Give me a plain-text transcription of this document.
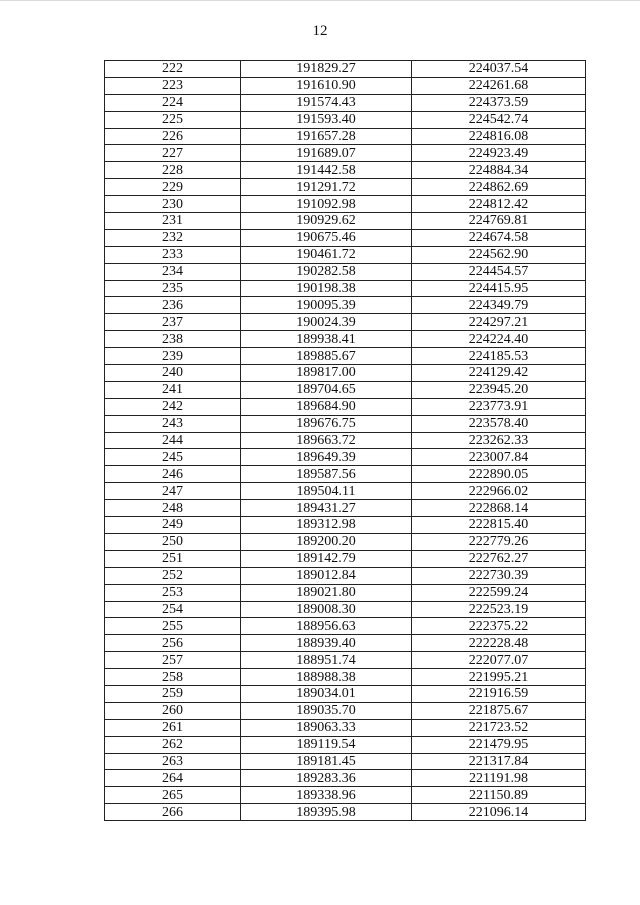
12
222	191829.27	224037.54
223	191610.90	224261.68
224	191574.43	224373.59
225	191593.40	224542.74
226	191657.28	224816.08
227	191689.07	224923.49
228	191442.58	224884.34
229	191291.72	224862.69
230	191092.98	224812.42
231	190929.62	224769.81
232	190675.46	224674.58
233	190461.72	224562.90
234	190282.58	224454.57
235	190198.38	224415.95
236	190095.39	224349.79
237	190024.39	224297.21
238	189938.41	224224.40
239	189885.67	224185.53
240	189817.00	224129.42
241	189704.65	223945.20
242	189684.90	223773.91
243	189676.75	223578.40
244	189663.72	223262.33
245	189649.39	223007.84
246	189587.56	222890.05
247	189504.11	222966.02
248	189431.27	222868.14
249	189312.98	222815.40
250	189200.20	222779.26
251	189142.79	222762.27
252	189012.84	222730.39
253	189021.80	222599.24
254	189008.30	222523.19
255	188956.63	222375.22
256	188939.40	222228.48
257	188951.74	222077.07
258	188988.38	221995.21
259	189034.01	221916.59
260	189035.70	221875.67
261	189063.33	221723.52
262	189119.54	221479.95
263	189181.45	221317.84
264	189283.36	221191.98
265	189338.96	221150.89
266	189395.98	221096.14
